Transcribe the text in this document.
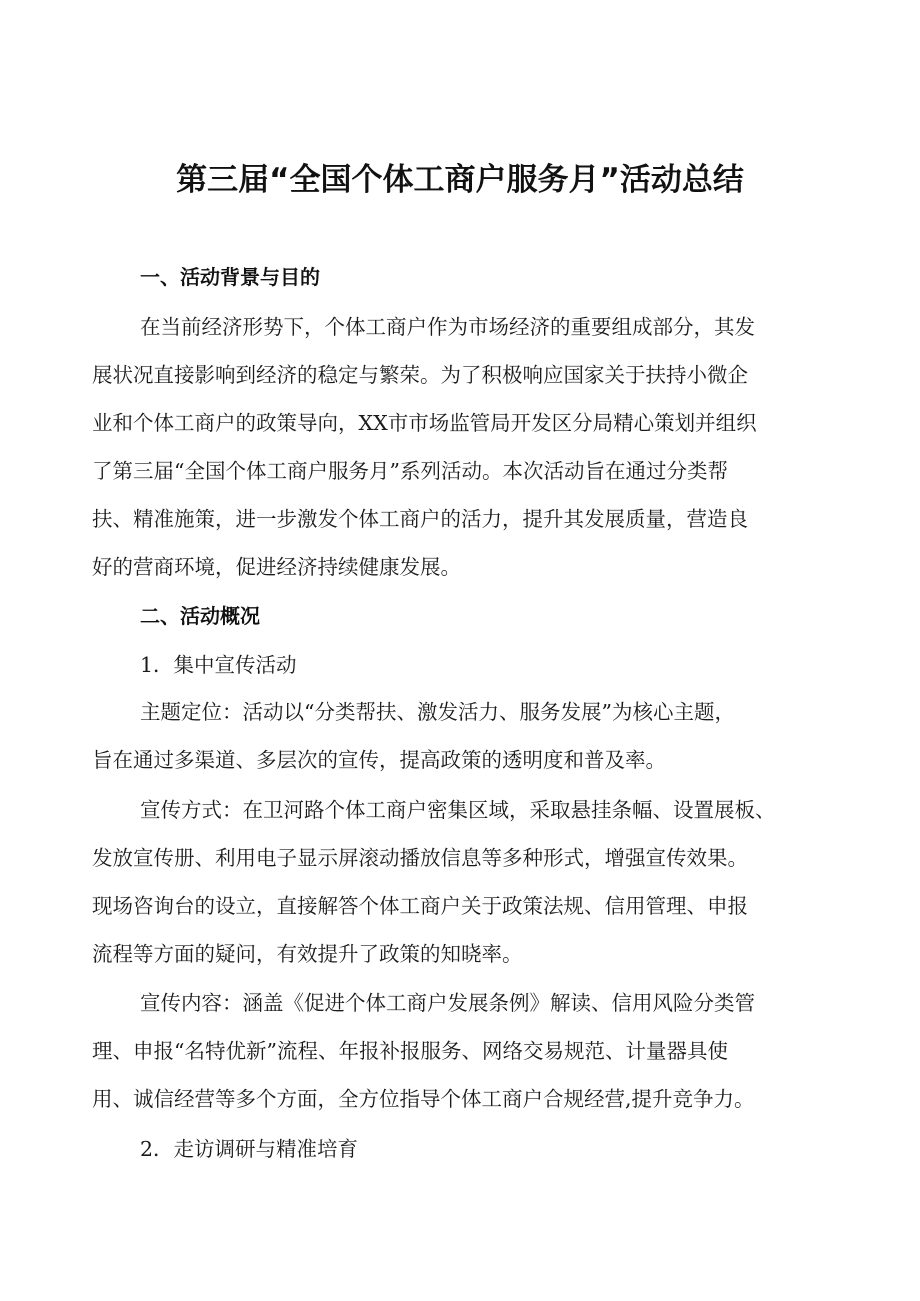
第三届“全国个体工商户服务月”活动总结
一、活动背景与目的
在当前经济形势下，个体工商户作为市场经济的重要组成部分，其发
展状况直接影响到经济的稳定与繁荣。为了积极响应国家关于扶持小微企
业和个体工商户的政策导向，XX市市场监管局开发区分局精心策划并组织
了第三届“全国个体工商户服务月”系列活动。本次活动旨在通过分类帮
扶、精准施策，进一步激发个体工商户的活力，提升其发展质量，营造良
好的营商环境，促进经济持续健康发展。
二、活动概况
1．集中宣传活动
主题定位：活动以“分类帮扶、激发活力、服务发展”为核心主题，
旨在通过多渠道、多层次的宣传，提高政策的透明度和普及率。
宣传方式：在卫河路个体工商户密集区域，采取悬挂条幅、设置展板、
发放宣传册、利用电子显示屏滚动播放信息等多种形式，增强宣传效果。
现场咨询台的设立，直接解答个体工商户关于政策法规、信用管理、申报
流程等方面的疑问，有效提升了政策的知晓率。
宣传内容：涵盖《促进个体工商户发展条例》解读、信用风险分类管
理、申报“名特优新”流程、年报补报服务、网络交易规范、计量器具使
用、诚信经营等多个方面，全方位指导个体工商户合规经营,提升竞争力。
2．走访调研与精准培育
